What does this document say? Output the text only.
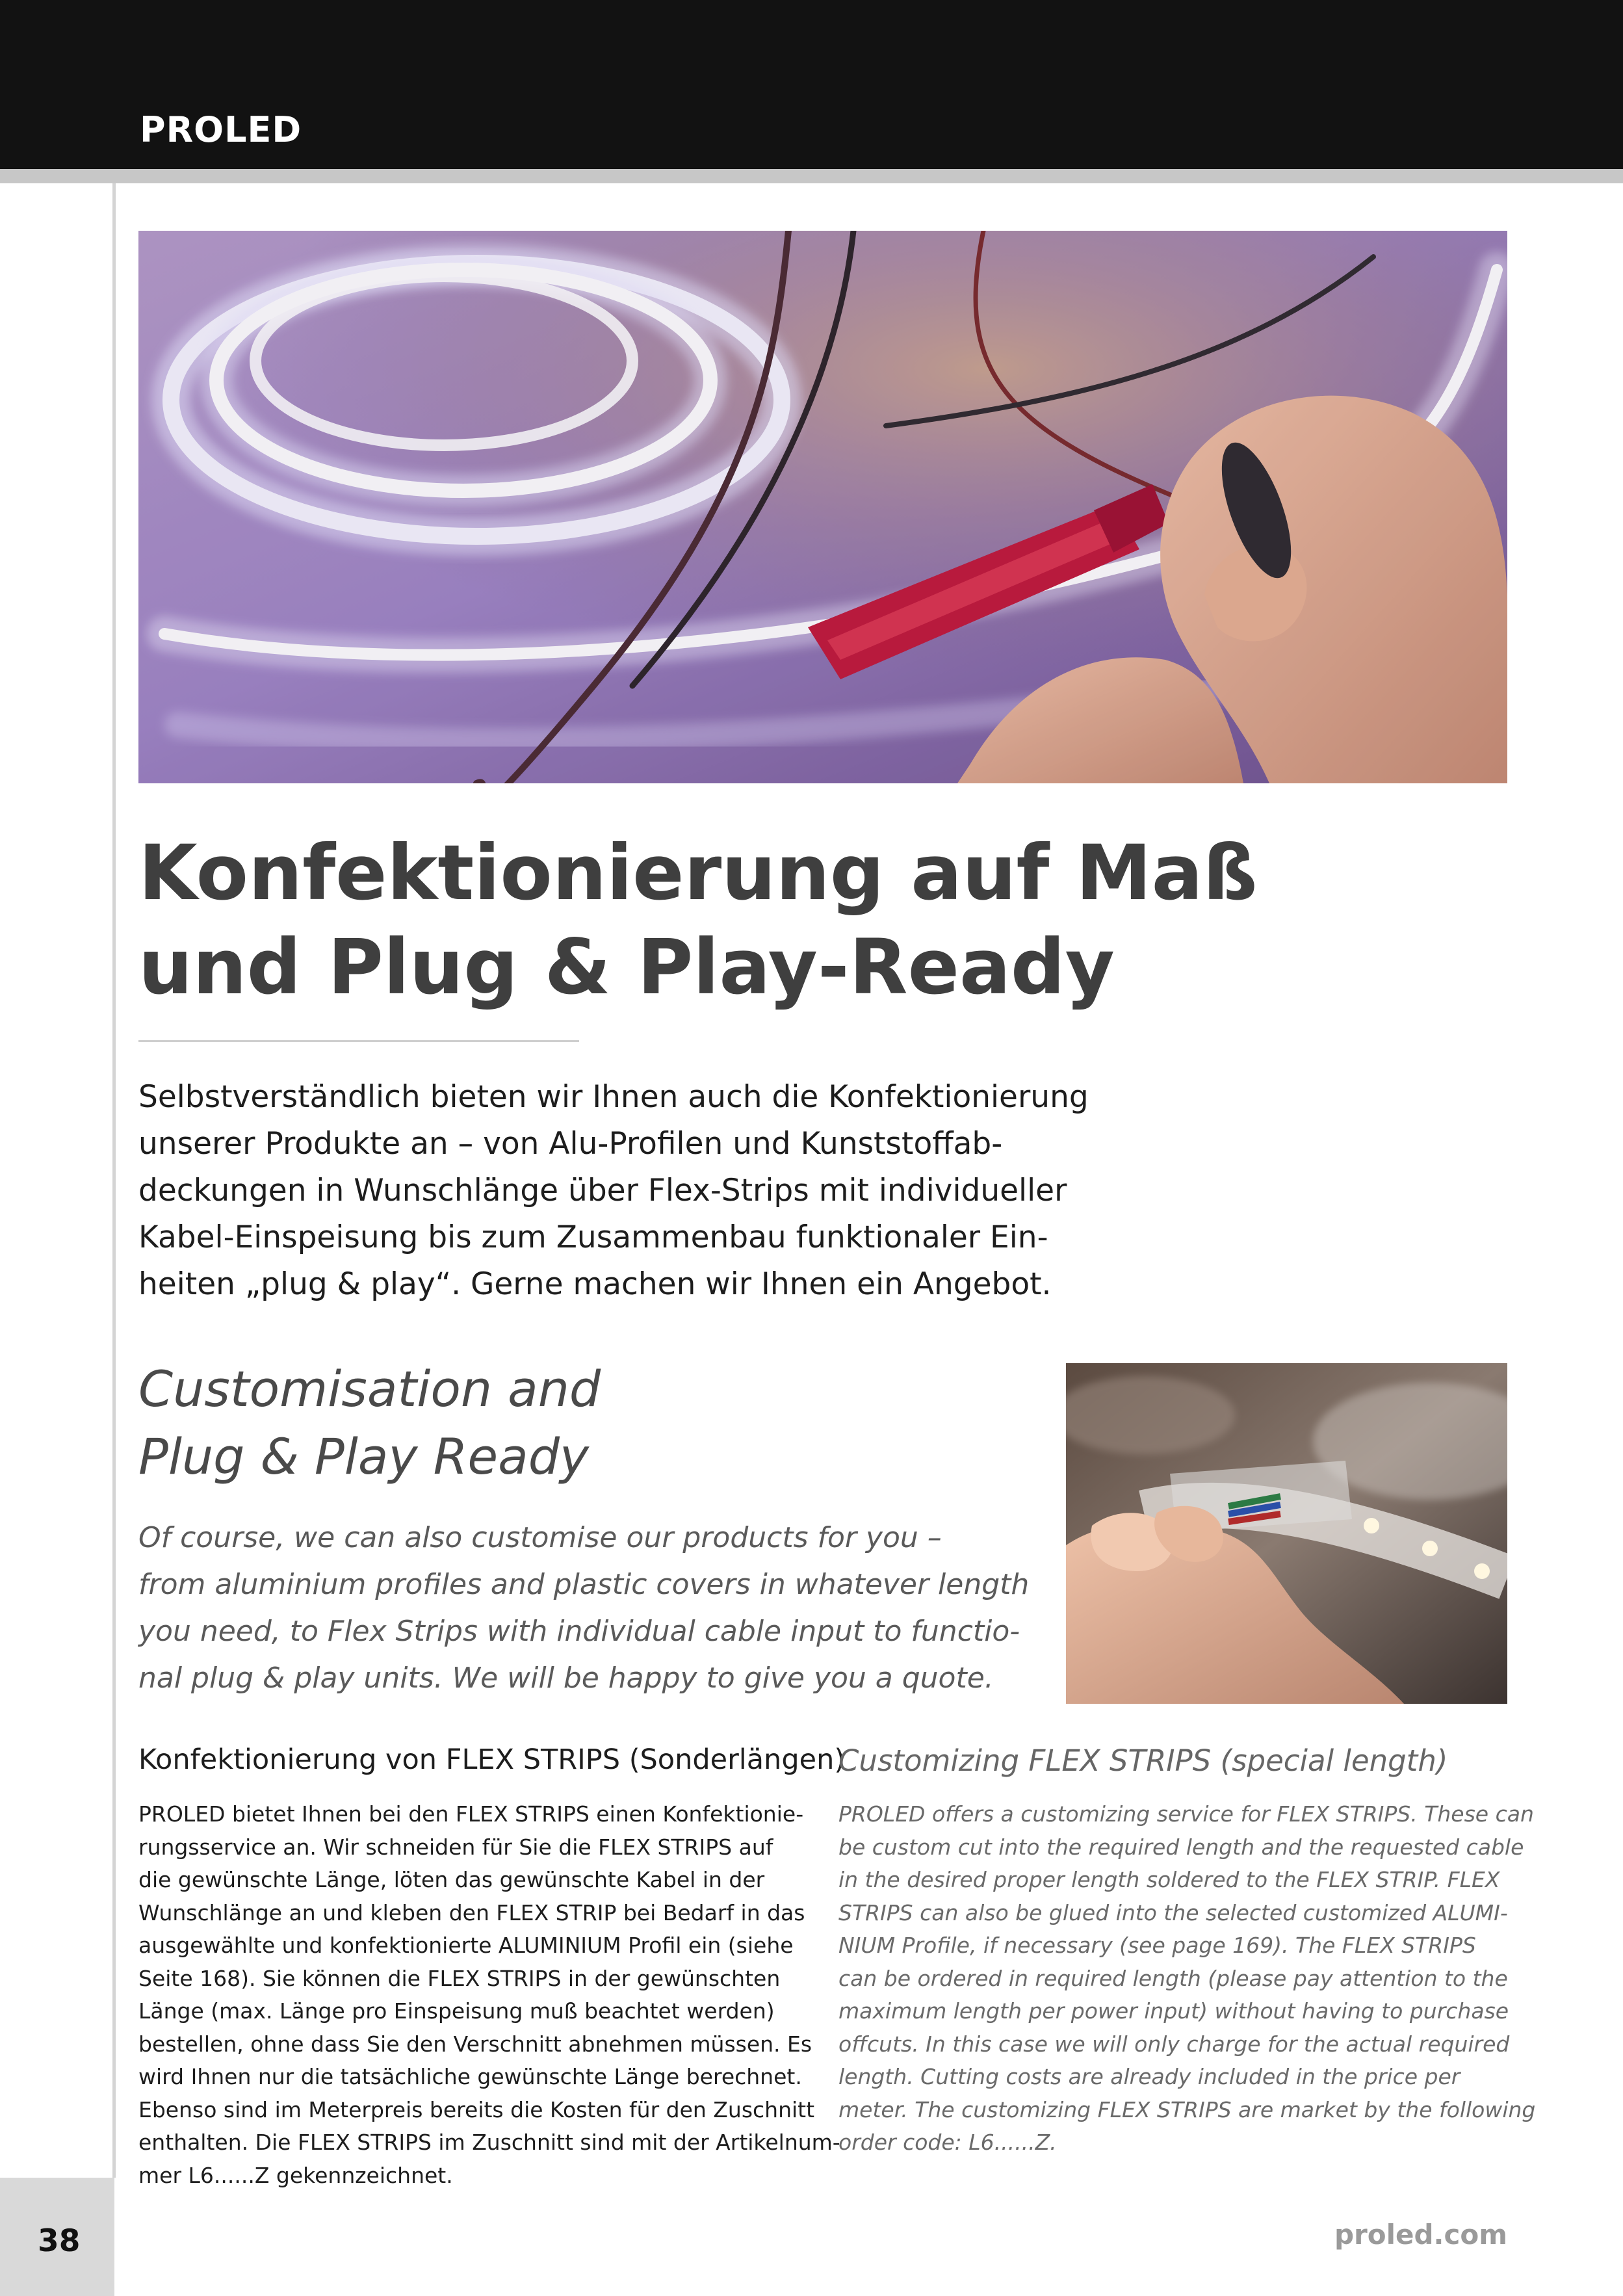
PROLED
Konfektionierung auf Maß
und Plug & Play-Ready
Selbstverständlich bieten wir Ihnen auch die Konfektionierung
unserer Produkte an – von Alu-Profilen und Kunststoffab-
deckungen in Wunschlänge über Flex-Strips mit individueller
Kabel-Einspeisung bis zum Zusammenbau funktionaler Ein-
heiten „plug & play“. Gerne machen wir Ihnen ein Angebot.
Customisation and
Plug & Play Ready
Of course, we can also customise our products for you –
from aluminium profiles and plastic covers in whatever length
you need, to Flex Strips with individual cable input to functio-
nal plug & play units. We will be happy to give you a quote.
Konfektionierung von FLEX STRIPS (Sonderlängen)
PROLED bietet Ihnen bei den FLEX STRIPS einen Konfektionie-
rungsservice an. Wir schneiden für Sie die FLEX STRIPS auf
die gewünschte Länge, löten das gewünschte Kabel in der
Wunschlänge an und kleben den FLEX STRIP bei Bedarf in das
ausgewählte und konfektionierte ALUMINIUM Profil ein (siehe
Seite 168). Sie können die FLEX STRIPS in der gewünschten
Länge (max. Länge pro Einspeisung muß beachtet werden)
bestellen, ohne dass Sie den Verschnitt abnehmen müssen. Es
wird Ihnen nur die tatsächliche gewünschte Länge berechnet.
Ebenso sind im Meterpreis bereits die Kosten für den Zuschnitt
enthalten. Die FLEX STRIPS im Zuschnitt sind mit der Artikelnum-
mer L6......Z gekennzeichnet.
Customizing FLEX STRIPS (special length)
PROLED offers a customizing service for FLEX STRIPS. These can
be custom cut into the required length and the requested cable
in the desired proper length soldered to the FLEX STRIP. FLEX
STRIPS can also be glued into the selected customized ALUMI-
NIUM Profile, if necessary (see page 169). The FLEX STRIPS
can be ordered in required length (please pay attention to the
maximum length per power input) without having to purchase
offcuts. In this case we will only charge for the actual required
length. Cutting costs are already included in the price per
meter. The customizing FLEX STRIPS are market by the following
order code: L6......Z.
38	proled.com
